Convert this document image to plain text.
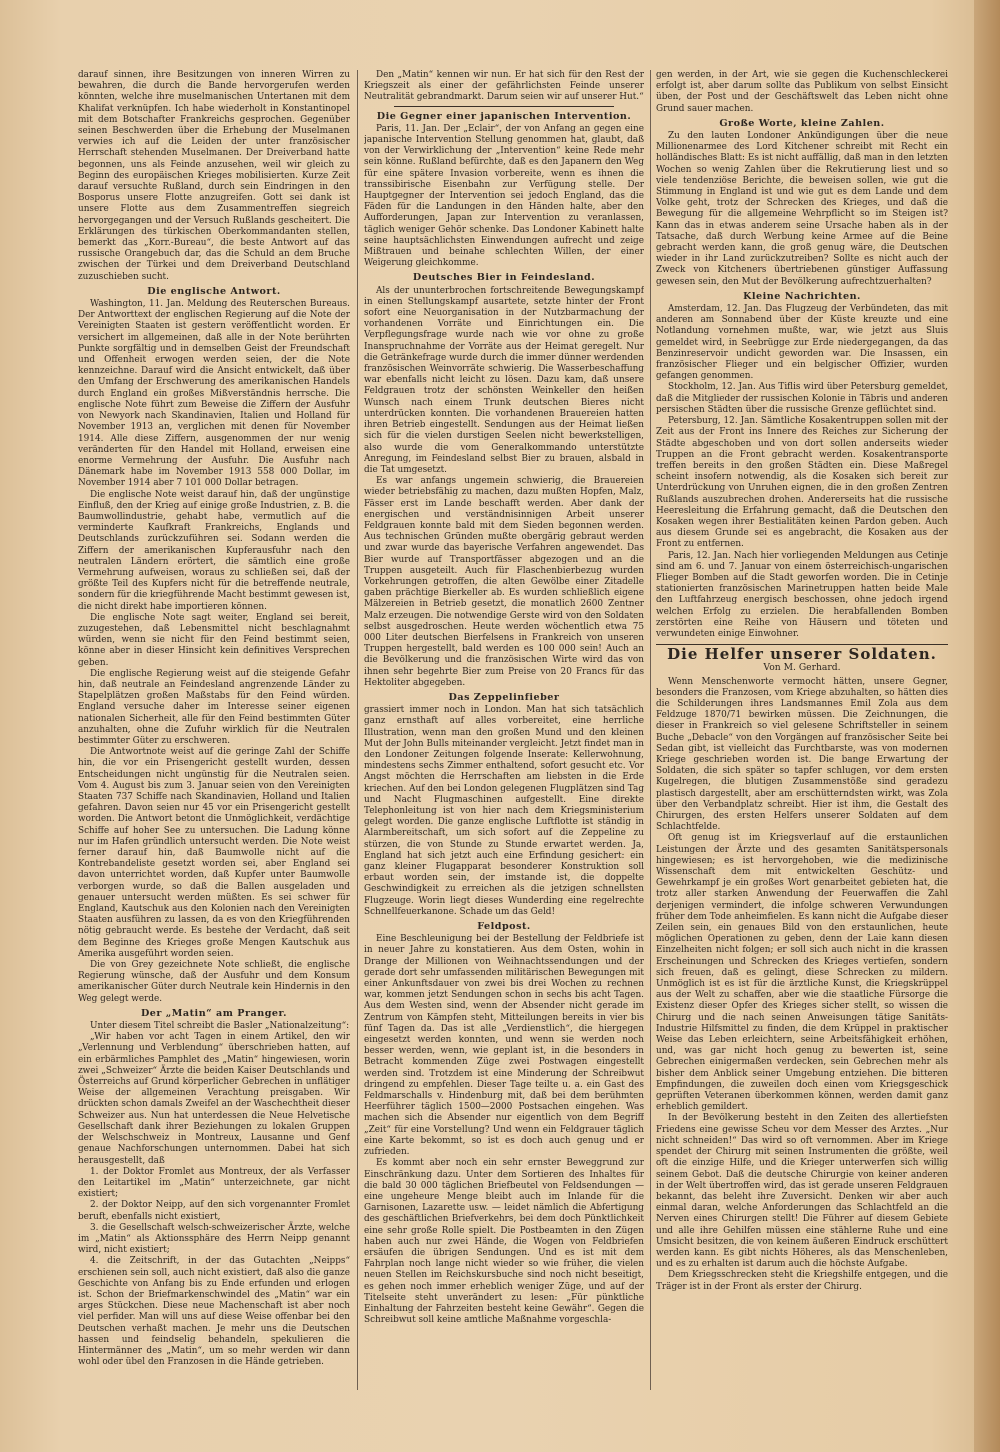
darauf sinnen, ihre Besitzungen von inneren Wirren zu bewahren, die durch die Bande hervorgerufen werden könnten, welche ihre muselmanischen Untertanen mit dem Khalifat verknüpfen. Ich habe wiederholt in Konstantinopel mit dem Botschafter Frankreichs gesprochen. Gegenüber seinen Beschwerden über die Erhebung der Muselmanen verwies ich auf die Leiden der unter französischer Herrschaft stehenden Muselmanen. Der Dreiverband hatte begonnen, uns als Feinde anzusehen, weil wir gleich zu Beginn des europäischen Krieges mobilisierten. Kurze Zeit darauf versuchte Rußland, durch sein Eindringen in den Bosporus unsere Flotte anzugreifen. Gott sei dank ist unsere Flotte aus dem Zusammentreffen siegreich hervorgegangen und der Versuch Rußlands gescheitert. Die Erklärungen des türkischen Oberkommandanten stellen, bemerkt das „Korr.-Bureau“, die beste Antwort auf das russische Orangebuch dar, das die Schuld an dem Bruche zwischen der Türkei und dem Dreiverband Deutschland zuzuschieben sucht.

Die englische Antwort.

Washington, 11. Jan. Meldung des Reuterschen Bureaus. Der Antworttext der englischen Regierung auf die Note der Vereinigten Staaten ist gestern veröffentlicht worden. Er versichert im allgemeinen, daß alle in der Note berührten Punkte sorgfältig und in demselben Geist der Freundschaft und Offenheit erwogen werden seien, der die Note kennzeichne. Darauf wird die Ansicht entwickelt, daß über den Umfang der Erschwerung des amerikanischen Handels durch England ein großes Mißverständnis herrsche. Die englische Note führt zum Beweise die Ziffern der Ausfuhr von Newyork nach Skandinavien, Italien und Holland für November 1913 an, verglichen mit denen für November 1914. Alle diese Ziffern, ausgenommen der nur wenig veränderten für den Handel mit Holland, erweisen eine enorme Vermehrung der Ausfuhr. Die Ausfuhr nach Dänemark habe im November 1913 558 000 Dollar, im November 1914 aber 7 101 000 Dollar betragen.

Die englische Note weist darauf hin, daß der ungünstige Einfluß, den der Krieg auf einige große Industrien, z. B. die Baumwollindustrie, gehabt habe, vermutlich auf die verminderte Kaufkraft Frankreichs, Englands und Deutschlands zurückzuführen sei. Sodann werden die Ziffern der amerikanischen Kupferausfuhr nach den neutralen Ländern erörtert, die sämtlich eine große Vermehrung aufweisen, woraus zu schließen sei, daß der größte Teil des Kupfers nicht für die betreffende neutrale, sondern für die kriegführende Macht bestimmt gewesen ist, die nicht direkt habe importieren können.

Die englische Note sagt weiter, England sei bereit, zuzugestehen, daß Lebensmittel nicht beschlagnahmt würden, wenn sie nicht für den Feind bestimmt seien, könne aber in dieser Hinsicht kein definitives Versprechen geben.

Die englische Regierung weist auf die steigende Gefahr hin, daß neutrale an Feindesland angrenzende Länder zu Stapelplätzen großen Maßstabs für den Feind würden. England versuche daher im Interesse seiner eigenen nationalen Sicherheit, alle für den Feind bestimmten Güter anzuhalten, ohne die Zufuhr wirklich für die Neutralen bestimmter Güter zu erschweren.

Die Antwortnote weist auf die geringe Zahl der Schiffe hin, die vor ein Prisengericht gestellt wurden, dessen Entscheidungen nicht ungünstig für die Neutralen seien. Vom 4. August bis zum 3. Januar seien von den Vereinigten Staaten 737 Schiffe nach Skandinavien, Holland und Italien gefahren. Davon seien nur 45 vor ein Prisengericht gestellt worden. Die Antwort betont die Unmöglichkeit, verdächtige Schiffe auf hoher See zu untersuchen. Die Ladung könne nur im Hafen gründlich untersucht werden. Die Note weist ferner darauf hin, daß Baumwolle nicht auf die Kontrebandeliste gesetzt worden sei, aber England sei davon unterrichtet worden, daß Kupfer unter Baumwolle verborgen wurde, so daß die Ballen ausgeladen und genauer untersucht werden müßten. Es sei schwer für England, Kautschuk aus den Kolonien nach den Vereinigten Staaten ausführen zu lassen, da es von den Kriegführenden nötig gebraucht werde. Es bestehe der Verdacht, daß seit dem Beginne des Krieges große Mengen Kautschuk aus Amerika ausgeführt worden seien.

Die von Grey gezeichnete Note schließt, die englische Regierung wünsche, daß der Ausfuhr und dem Konsum amerikanischer Güter durch Neutrale kein Hindernis in den Weg gelegt werde.

Der „Matin“ am Pranger.

Unter diesem Titel schreibt die Basler „Nationalzeitung“:

„Wir haben vor acht Tagen in einem Artikel, den wir „Verlennung und Verblendung“ überschrieben hatten, auf ein erbärmliches Pamphlet des „Matin“ hingewiesen, worin zwei „Schweizer“ Ärzte die beiden Kaiser Deutschlands und Österreichs auf Grund körperlicher Gebrechen in unflätiger Weise der allgemeinen Verachtung preisgaben. Wir drückten schon damals Zweifel an der Waschechtheit dieser Schweizer aus. Nun hat unterdessen die Neue Helvetische Gesellschaft dank ihrer Beziehungen zu lokalen Gruppen der Welschschweiz in Montreux, Lausanne und Genf genaue Nachforschungen unternommen. Dabei hat sich herausgestellt, daß

1. der Doktor Fromlet aus Montreux, der als Verfasser den Leitartikel im „Matin“ unterzeichnete, gar nicht existiert;

2. der Doktor Neipp, auf den sich vorgenannter Fromlet beruft, ebenfalls nicht existiert,

3. die Gesellschaft welsch-schweizerischer Ärzte, welche im „Matin“ als Aktionssphäre des Herrn Neipp genannt wird, nicht existiert;

4. die Zeitschrift, in der das Gutachten „Neipps“ erschienen sein soll, auch nicht existiert, daß also die ganze Geschichte von Anfang bis zu Ende erfunden und erlogen ist. Schon der Briefmarkenschwindel des „Matin“ war ein arges Stückchen. Diese neue Machenschaft ist aber noch viel perfider. Man will uns auf diese Weise offenbar bei den Deutschen verhaßt machen. Je mehr uns die Deutschen hassen und feindselig behandeln, spekulieren die Hintermänner des „Matin“, um so mehr werden wir dann wohl oder übel den Franzosen in die Hände getrieben.

Den „Matin“ kennen wir nun. Er hat sich für den Rest der Kriegszeit als einer der gefährlichsten Feinde unserer Neutralität gebrandmarkt. Darum seien wir auf unserer Hut.“

Die Gegner einer japanischen Intervention.

Paris, 11. Jan. Der „Eclair“, der von Anfang an gegen eine japanische Intervention Stellung genommen hat, glaubt, daß von der Verwirklichung der „Intervention“ keine Rede mehr sein könne. Rußland befürchte, daß es den Japanern den Weg für eine spätere Invasion vorbereite, wenn es ihnen die transsibirische Eisenbahn zur Verfügung stelle. Der Hauptgegner der Intervention sei jedoch England, das die Fäden für die Landungen in den Händen halte, aber den Aufforderungen, Japan zur Intervention zu veranlassen, täglich weniger Gehör schenke. Das Londoner Kabinett halte seine hauptsächlichsten Einwendungen aufrecht und zeige Mißtrauen und beinahe schlechten Willen, der einer Weigerung gleichkomme.

Deutsches Bier in Feindesland.

Als der ununterbrochen fortschreitende Bewegungskampf in einen Stellungskampf ausartete, setzte hinter der Front sofort eine Neuorganisation in der Nutzbarmachung der vorhandenen Vorräte und Einrichtungen ein. Die Verpflegungsfrage wurde nach wie vor ohne zu große Inanspruchnahme der Vorräte aus der Heimat geregelt. Nur die Getränkefrage wurde durch die immer dünner werdenden französischen Weinvorräte schwierig. Die Wasserbeschaffung war ebenfalls nicht leicht zu lösen. Dazu kam, daß unsere Feldgrauen trotz der schönsten Weinkeller den heißen Wunsch nach einem Trunk deutschen Bieres nicht unterdrücken konnten. Die vorhandenen Brauereien hatten ihren Betrieb eingestellt. Sendungen aus der Heimat ließen sich für die vielen durstigen Seelen nicht bewerkstelligen, also wurde die vom Generalkommando unterstützte Anregung, im Feindesland selbst Bier zu brauen, alsbald in die Tat umgesetzt.

Es war anfangs ungemein schwierig, die Brauereien wieder betriebsfähig zu machen, dazu mußten Hopfen, Malz, Fässer erst im Lande beschafft werden. Aber dank der energischen und verständnisinnigen Arbeit unserer Feldgrauen konnte bald mit dem Sieden begonnen werden. Aus technischen Gründen mußte obergärig gebraut werden und zwar wurde das bayerische Verfahren angewendet. Das Bier wurde auf Transportfässer abgezogen und an die Truppen ausgeteilt. Auch für Flaschenbierbezug wurden Vorkehrungen getroffen, die alten Gewölbe einer Zitadelle gaben prächtige Bierkeller ab. Es wurden schließlich eigene Mälzereien in Betrieb gesetzt, die monatlich 2600 Zentner Malz erzeugen. Die notwendige Gerste wird von den Soldaten selbst ausgedroschen. Heute werden wöchentlich etwa 75 000 Liter deutschen Bierfelsens in Frankreich von unseren Truppen hergestellt, bald werden es 100 000 sein! Auch an die Bevölkerung und die französischen Wirte wird das von ihnen sehr begehrte Bier zum Preise von 20 Francs für das Hektoliter abgegeben.

Das Zeppelinfieber

grassiert immer noch in London. Man hat sich tatsächlich ganz ernsthaft auf alles vorbereitet, eine herrliche Illustration, wenn man den großen Mund und den kleinen Mut der John Bulls miteinander vergleicht. Jetzt findet man in den Londoner Zeitungen folgende Inserate: Kellerwohnung, mindestens sechs Zimmer enthaltend, sofort gesucht etc. Vor Angst möchten die Herrschaften am liebsten in die Erde kriechen. Auf den bei London gelegenen Flugplätzen sind Tag und Nacht Flugmaschinen aufgestellt. Eine direkte Telephonleitung ist von hier nach dem Kriegsministerium gelegt worden. Die ganze englische Luftflotte ist ständig in Alarmbereitschaft, um sich sofort auf die Zeppeline zu stürzen, die von Stunde zu Stunde erwartet werden. Ja, England hat sich jetzt auch eine Erfindung gesichert: ein ganz kleiner Flugapparat besonderer Konstruktion soll erbaut worden sein, der imstande ist, die doppelte Geschwindigkeit zu erreichen als die jetzigen schnellsten Flugzeuge. Worin liegt dieses Wunderding eine regelrechte Schnellfeuerkanone. Schade um das Geld!

Feldpost.

Eine Beschleunigung bei der Bestellung der Feldbriefe ist in neuer Jahre zu konstatieren. Aus dem Osten, wohin in Drange der Millionen von Weihnachtssendungen und der gerade dort sehr umfassenden militärischen Bewegungen mit einer Ankunftsdauer von zwei bis drei Wochen zu rechnen war, kommen jetzt Sendungen schon in sechs bis acht Tagen. Aus dem Westen sind, wenn der Absender nicht gerade im Zentrum von Kämpfen steht, Mitteilungen bereits in vier bis fünf Tagen da. Das ist alle „Verdienstlich“, die hiergegen eingesetzt werden konnten, und wenn sie werden noch besser werden, wenn, wie geplant ist, in die besonders in Betracht kommenden Züge zwei Postwagen eingestellt werden sind. Trotzdem ist eine Minderung der Schreibwut dringend zu empfehlen. Dieser Tage teilte u. a. ein Gast des Feldmarschalls v. Hindenburg mit, daß bei dem berühmten Heerführer täglich 1500—2000 Postsachen eingehen. Was machen sich die Absender nur eigentlich von dem Begriff „Zeit“ für eine Vorstellung? Und wenn ein Feldgrauer täglich eine Karte bekommt, so ist es doch auch genug und er zufrieden.

Es kommt aber noch ein sehr ernster Beweggrund zur Einschränkung dazu. Unter dem Sortieren des Inhaltes für die bald 30 000 täglichen Briefbeutel von Feldsendungen — eine ungeheure Menge bleibt auch im Inlande für die Garnisonen, Lazarette usw. — leidet nämlich die Abfertigung des geschäftlichen Briefverkehrs, bei dem doch Pünktlichkeit eine sehr große Rolle spielt. Die Postbeamten in den Zügen haben auch nur zwei Hände, die Wogen von Feldbriefen ersäufen die übrigen Sendungen. Und es ist mit dem Fahrplan noch lange nicht wieder so wie früher, die vielen neuen Stellen im Reichskursbuche sind noch nicht beseitigt, es gehen noch immer erheblich weniger Züge, und auf der Titelseite steht unverändert zu lesen: „Für pünktliche Einhaltung der Fahrzeiten besteht keine Gewähr“. Gegen die Schreibwut soll keine amtliche Maßnahme vorgeschla-

gen werden, in der Art, wie sie gegen die Kuchenschleckerei erfolgt ist, aber darum sollte das Publikum von selbst Einsicht üben, der Post und der Geschäftswelt das Leben nicht ohne Grund sauer machen.

Große Worte, kleine Zahlen.

Zu den lauten Londoner Ankündigungen über die neue Millionenarmee des Lord Kitchener schreibt mit Recht ein holländisches Blatt: Es ist nicht auffällig, daß man in den letzten Wochen so wenig Zahlen über die Rekrutierung liest und so viele tendenziöse Berichte, die beweisen sollen, wie gut die Stimmung in England ist und wie gut es dem Lande und dem Volke geht, trotz der Schrecken des Krieges, und daß die Bewegung für die allgemeine Wehrpflicht so im Steigen ist? Kann das in etwas anderem seine Ursache haben als in der Tatsache, daß durch Werbung keine Armee auf die Beine gebracht werden kann, die groß genug wäre, die Deutschen wieder in ihr Land zurückzutreiben? Sollte es nicht auch der Zweck von Kitcheners übertriebenen günstiger Auffassung gewesen sein, den Mut der Bevölkerung aufrechtzuerhalten?

Kleine Nachrichten.

Amsterdam, 12. Jan. Das Flugzeug der Verbündeten, das mit anderen am Sonnabend über der Küste kreuzte und eine Notlandung vornehmen mußte, war, wie jetzt aus Sluis gemeldet wird, in Seebrügge zur Erde niedergegangen, da das Benzinreservoir undicht geworden war. Die Insassen, ein französischer Flieger und ein belgischer Offizier, wurden gefangen genommen.

Stockholm, 12. Jan. Aus Tiflis wird über Petersburg gemeldet, daß die Mitglieder der russischen Kolonie in Täbris und anderen persischen Städten über die russische Grenze geflüchtet sind.

Petersburg, 12. Jan. Sämtliche Kosakentruppen sollen mit der Zeit aus der Front ins Innere des Reiches zur Sicherung der Städte abgeschoben und von dort sollen anderseits wieder Truppen an die Front gebracht werden. Kosakentransporte treffen bereits in den großen Städten ein. Diese Maßregel scheint insofern notwendig, als die Kosaken sich bereit zur Unterdrückung von Unruhen eignen, die in den großen Zentren Rußlands auszubrechen drohen. Andererseits hat die russische Heeresleitung die Erfahrung gemacht, daß die Deutschen den Kosaken wegen ihrer Bestialitäten keinen Pardon geben. Auch aus diesem Grunde sei es angebracht, die Kosaken aus der Front zu entfernen.

Paris, 12. Jan. Nach hier vorliegenden Meldungen aus Cetinje sind am 6. und 7. Januar von einem österreichisch-ungarischen Flieger Bomben auf die Stadt geworfen worden. Die in Cetinje stationierten französischen Marinetruppen hatten beide Male den Luftfahrzeug energisch beschossen, ohne jedoch irgend welchen Erfolg zu erzielen. Die herabfallenden Bomben zerstörten eine Reihe von Häusern und töteten und verwundeten einige Einwohner.

Die Helfer unserer Soldaten.
Von M. Gerhard.

Wenn Menschenworte vermocht hätten, unsere Gegner, besonders die Franzosen, vom Kriege abzuhalten, so hätten dies die Schilderungen ihres Landsmannes Emil Zola aus dem Feldzuge 1870/71 bewirken müssen. Die Zeichnungen, die dieser in Frankreich so viel gelesene Schriftsteller in seinem Buche „Debacle“ von den Vorgängen auf französischer Seite bei Sedan gibt, ist vielleicht das Furchtbarste, was von modernen Kriege geschrieben worden ist. Die bange Erwartung der Soldaten, die sich später so tapfer schlugen, vor dem ersten Kugelregen, die blutigen Zusammenstöße sind geradezu plastisch dargestellt, aber am erschütterndsten wirkt, was Zola über den Verbandplatz schreibt. Hier ist ihm, die Gestalt des Chirurgen, des ersten Helfers unserer Soldaten auf dem Schlachtfelde.

Oft genug ist im Kriegsverlauf auf die erstaunlichen Leistungen der Ärzte und des gesamten Sanitätspersonals hingewiesen; es ist hervorgehoben, wie die medizinische Wissenschaft dem mit entwickelten Geschütz- und Gewehrkampf je ein großes Wort genarbeitet gebieten hat, die trotz aller starken Anwendung der Feuerwaffen die Zahl derjenigen vermindert, die infolge schweren Verwundungen früher dem Tode anheimfielen. Es kann nicht die Aufgabe dieser Zeilen sein, ein genaues Bild von den erstaunlichen, heute möglichen Operationen zu geben, denn der Laie kann diesen Einzelheiten nicht folgen; er soll sich auch nicht in die krassen Erscheinungen und Schrecken des Krieges vertiefen, sondern sich freuen, daß es gelingt, diese Schrecken zu mildern. Unmöglich ist es ist für die ärztliche Kunst, die Kriegskrüppel aus der Welt zu schaffen, aber wie die staatliche Fürsorge die Existenz dieser Opfer des Krieges sicher stellt, so wissen die Chirurg und die nach seinen Anweisungen tätige Sanitäts-Industrie Hilfsmittel zu finden, die dem Krüppel in praktischer Weise das Leben erleichtern, seine Arbeitsfähigkeit erhöhen, und, was gar nicht hoch genug zu bewerten ist, seine Gebrechen einigermaßen verdecken, sein Gebrechen mehr als bisher dem Anblick seiner Umgebung entziehen. Die bitteren Empfindungen, die zuweilen doch einen vom Kriegsgeschick geprüften Veteranen überkommen können, werden damit ganz erheblich gemildert.

In der Bevölkerung besteht in den Zeiten des allertiefsten Friedens eine gewisse Scheu vor dem Messer des Arztes. „Nur nicht schneiden!“ Das wird so oft vernommen. Aber im Kriege spendet der Chirurg mit seinen Instrumenten die größte, weil oft die einzige Hilfe, und die Krieger unterwerfen sich willig seinem Gebot. Daß die deutsche Chirurgie von keiner anderen in der Welt übertroffen wird, das ist gerade unseren Feldgrauen bekannt, das beleht ihre Zuversicht. Denken wir aber auch einmal daran, welche Anforderungen das Schlachtfeld an die Nerven eines Chirurgen stellt! Die Führer auf diesem Gebiete und alle ihre Gehilfen müssen eine stählerne Ruhe und eine Umsicht besitzen, die von keinem äußeren Eindruck erschüttert werden kann. Es gibt nichts Höheres, als das Menschenleben, und es zu erhalten ist darum auch die höchste Aufgabe.

Dem Kriegsschrecken steht die Kriegshilfe entgegen, und die Träger ist in der Front als erster der Chirurg.
